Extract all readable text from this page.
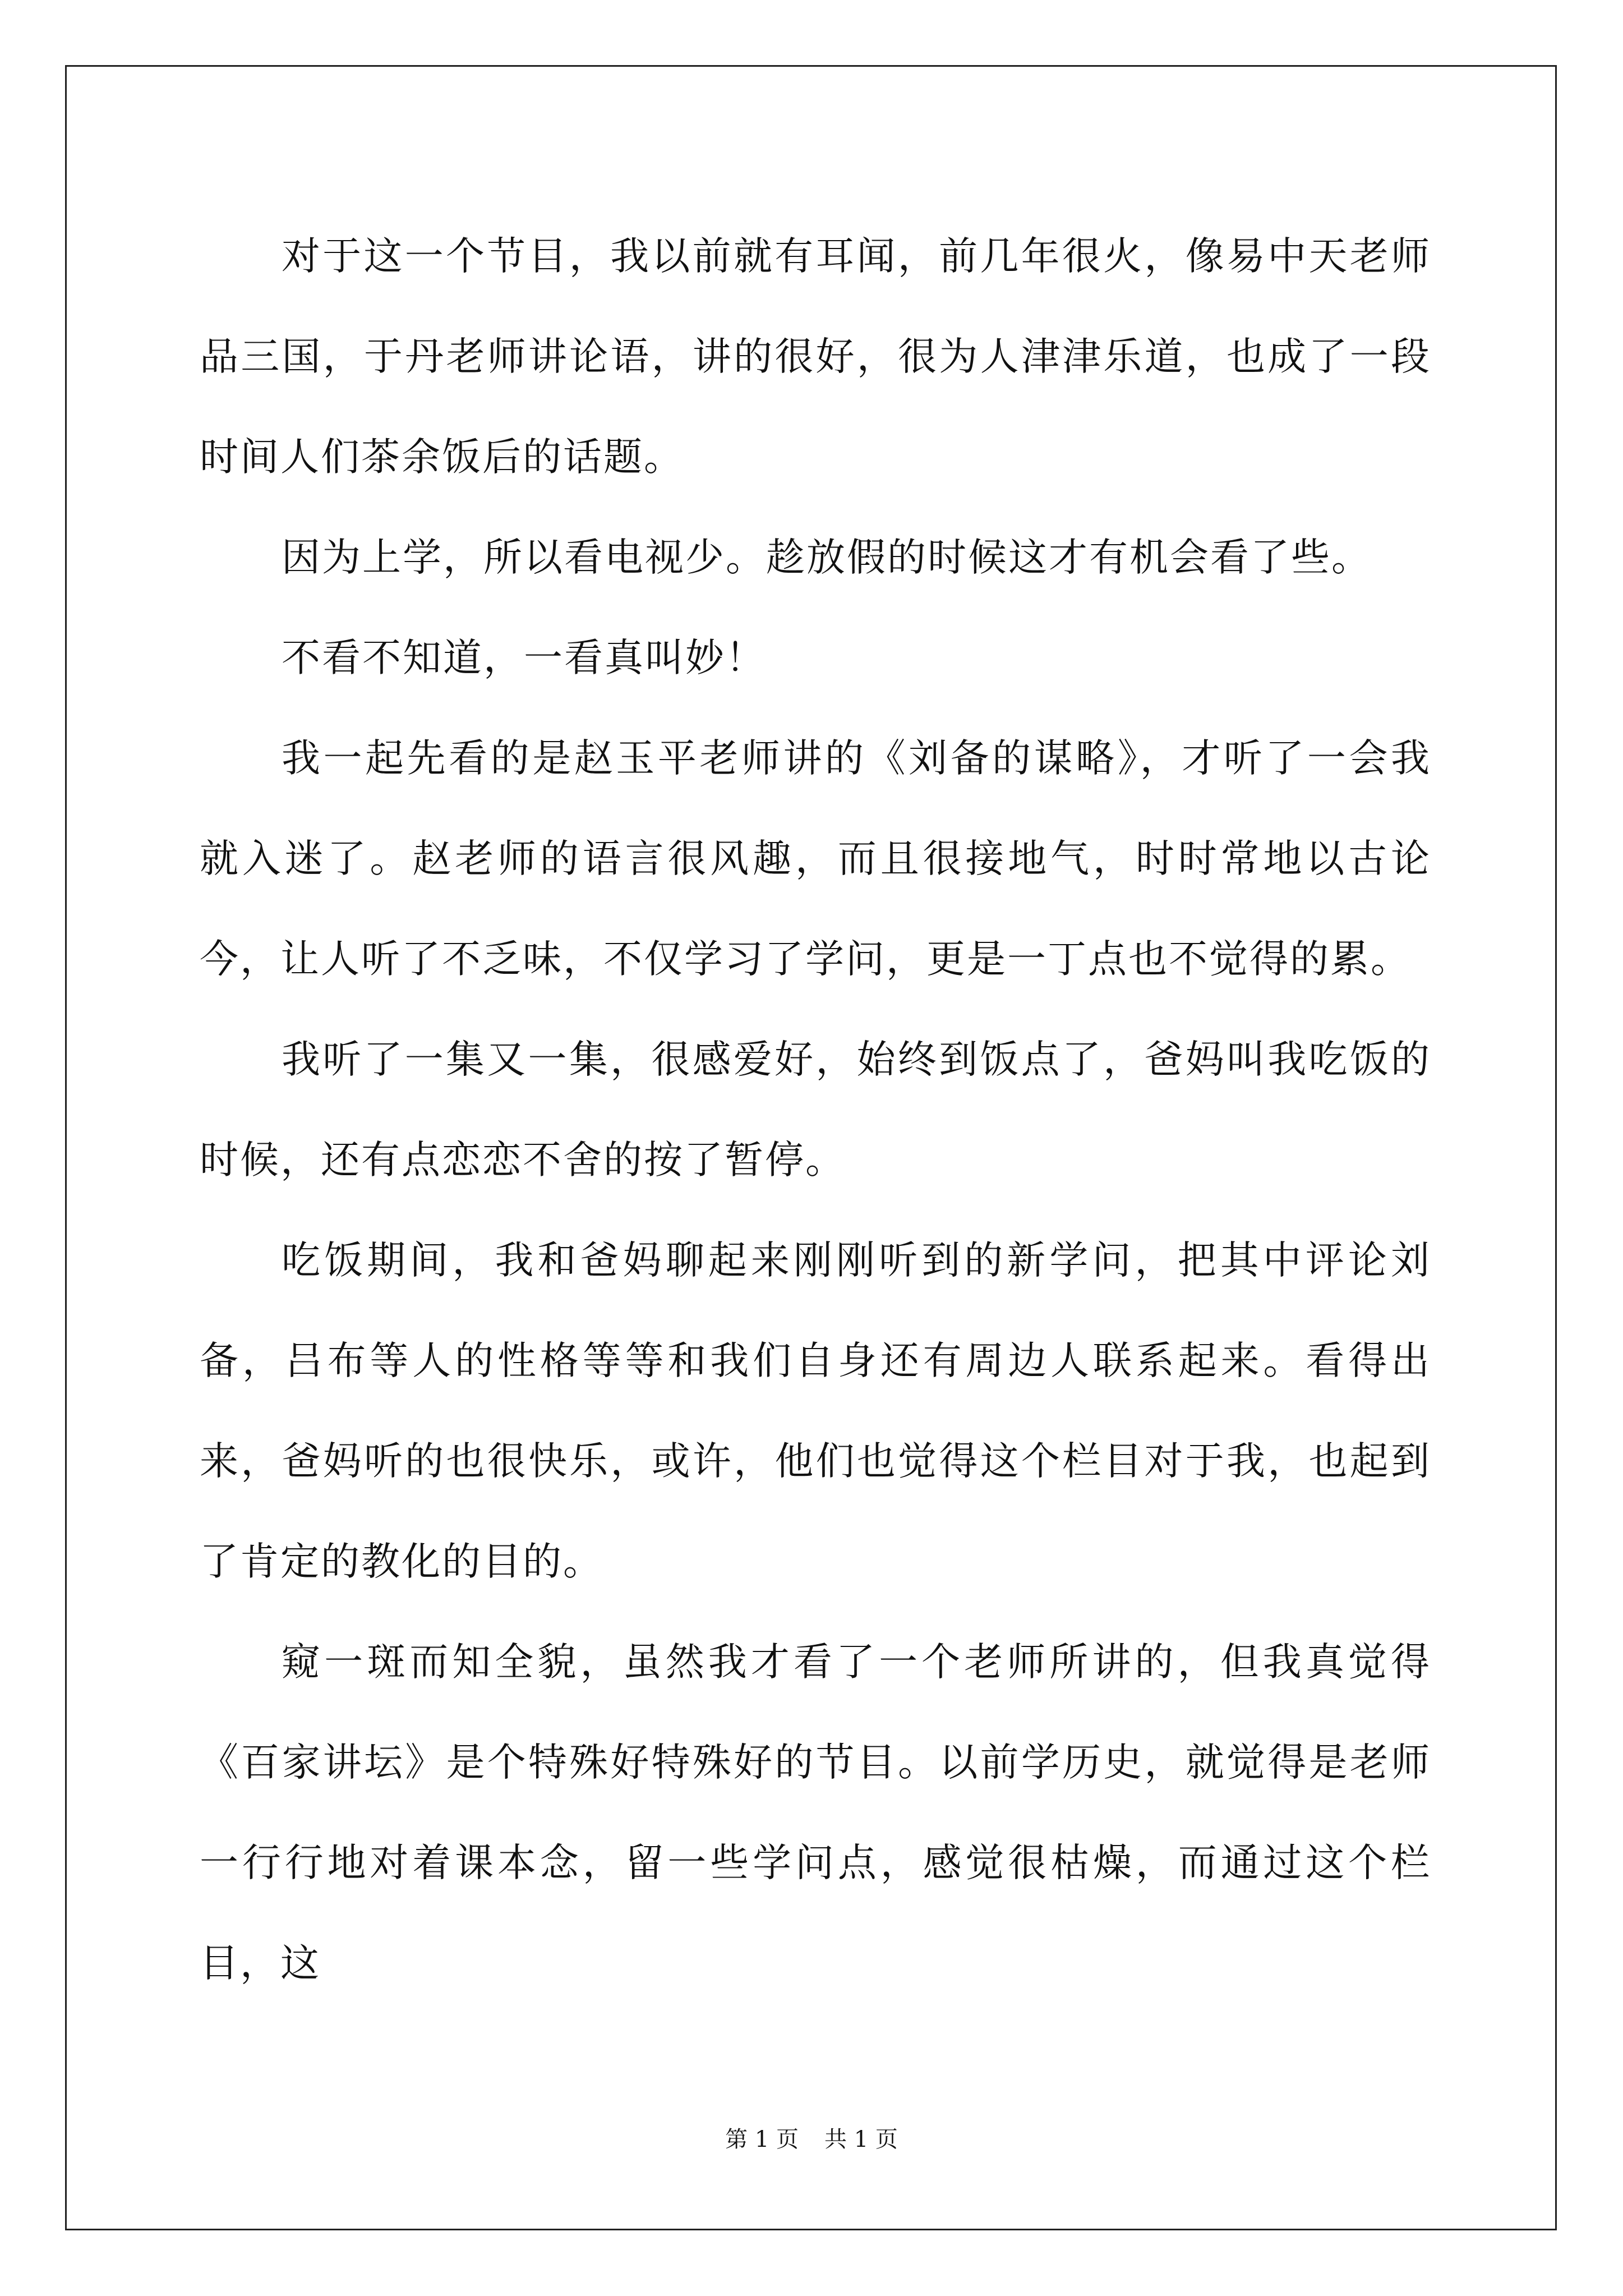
对于这一个节目，我以前就有耳闻，前几年很火，像易中天老师品三国，于丹老师讲论语，讲的很好，很为人津津乐道，也成了一段时间人们茶余饭后的话题。

因为上学，所以看电视少。趁放假的时候这才有机会看了些。

不看不知道，一看真叫妙！

我一起先看的是赵玉平老师讲的《刘备的谋略》，才听了一会我就入迷了。赵老师的语言很风趣，而且很接地气，时时常地以古论今，让人听了不乏味，不仅学习了学问，更是一丁点也不觉得的累。

我听了一集又一集，很感爱好，始终到饭点了，爸妈叫我吃饭的时候，还有点恋恋不舍的按了暂停。

吃饭期间，我和爸妈聊起来刚刚听到的新学问，把其中评论刘备，吕布等人的性格等等和我们自身还有周边人联系起来。看得出来，爸妈听的也很快乐，或许，他们也觉得这个栏目对于我，也起到了肯定的教化的目的。

窥一斑而知全貌，虽然我才看了一个老师所讲的，但我真觉得《百家讲坛》是个特殊好特殊好的节目。以前学历史，就觉得是老师一行行地对着课本念，留一些学问点，感觉很枯燥，而通过这个栏目，这

第 1 页 共 1 页
